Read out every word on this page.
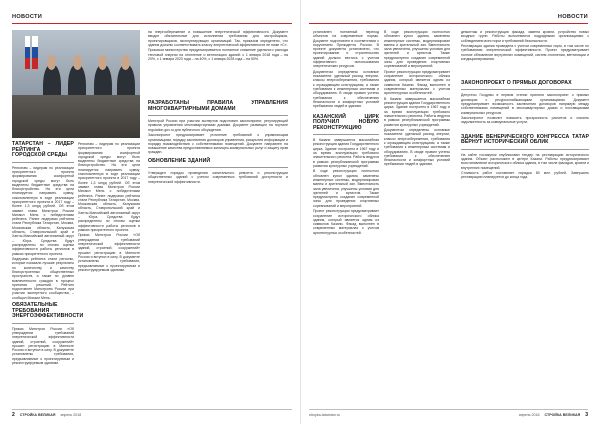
НОВОСТИ
ТАТАРСТАН – ЛИДЕР РЕЙТИНГА ГОРОДСКОЙ СРЕДЫ

Регионам – лидерам по реализации приоритетного проекта формирования комфортной городской среды могут быть выделены бюджетные средства на благоустройство. На эти цели планируется направить сумму, сэкономленную в ходе реализации приоритетного проекта в 2017 году – более 1,3 млрд рублей. Об этом заявил глава Минстроя России Михаил Мень с победителями рейтинга. Ранее лидерами рейтинга стали Республика Татарстан, Москва, Московская область, Калужская область, Ставропольский край и Ханты-Мансийский автономный округ – Югра. Средства будут распределены по итогам оценки эффективности работы регионов в рамках приоритетного проекта.

Лидерами рейтинга стали регионы, которые показали лучшие результаты по количеству и качеству благоустроенных общественных пространств, а также по уровню вовлеченности граждан в процесс принятия решений. Рейтинг подготовлен Минстроем России при участии экспертного сообщества, – сообщил Михаил Мень.

ОБЯЗАТЕЛЬНЫЕ ТРЕБОВАНИЯ ЭНЕРГОЭФФЕКТИВНОСТИ

Приказ Минстроя России «Об утверждении требований энергетической эффективности зданий, строений, сооружений» прошел регистрацию в Минюсте России и вступил в силу. В документе установлены требования, предъявляемые к проектируемым и реконструируемым зданиям.

Регионам – лидерам по реализации приоритетного проекта формирования комфортной городской среды могут быть выделены бюджетные средства на благоустройство. На эти цели планируется направить сумму, сэкономленную в ходе реализации приоритетного проекта в 2017 году – более 1,3 млрд рублей. Об этом заявил глава Минстроя России Михаил Мень с победителями рейтинга. Ранее лидерами рейтинга стали Республика Татарстан, Москва, Московская область, Калужская область, Ставропольский край и Ханты-Мансийский автономный округ – Югра. Средства будут распределены по итогам оценки эффективности работы регионов в рамках приоритетного проекта.

Приказ Минстроя России «Об утверждении требований энергетической эффективности зданий, строений, сооружений» прошел регистрацию в Минюсте России и вступил в силу. В документе установлены требования, предъявляемые к проектируемым и реконструируемым зданиям.

на энергосбережение и повышение энергетической эффективности. Документ вводит обязательные для исполнения требования для застройщиков, проектировщиков, эксплуатирующих организаций. Так, приказом определено, что здания должны соответствовать классу энергетической эффективности не ниже «C».

Приказом министерства предусматривается поэтапное снижение удельного расхода тепловой энергии на отопление и вентиляцию зданий: с 1 января 2018 года – на 20%, с 1 января 2023 года – на 40%, с 1 января 2028 года – на 50%.

РАЗРАБОТАНЫ ПРАВИЛА УПРАВЛЕНИЯ МНОГОКВАРТИРНЫМИ ДОМАМИ

Минстрой России при участии экспертов подготовил законопроект, регулирующий правила управления многоквартирными домами. Документ размещен на портале regulation.gov.ru для публичного обсуждения.

Законопроект предусматривает уточнение требований к управляющим организациям, порядку заключения договоров управления, раскрытия информации и порядку взаимодействия с собственниками помещений. Документ направлен на повышение качества предоставляемых жилищно-коммунальных услуг и защиту прав граждан.

ОБНОВЛЕНИЕ ЗДАНИЙ

Утвержден порядок проведения капитального ремонта и реконструкции общественных зданий с учетом современных требований доступности и энергетической эффективности.

2 СТРОЙКА ВЕЛИКАЯ апрель 2018
НОВОСТИ

установлен поэтапный переход объектов на современные нормы. Документ подготовлен в соответствии с поручением Президента России. В проекте документа установлено, что проектирование и строительство зданий должно вестись с учетом эффективного использования энергетических ресурсов.

Документом определены основные показатели: удельный расход энергии, классы энергосбережения, требования к ограждающим конструкциям, а также требования к инженерным системам и оборудованию. В своде правил учтены требования к обеспечению безопасности и комфортных условий пребывания людей в зданиях.

КАЗАНСКИЙ ЦИРК ПОЛУЧИЛ НОВУЮ РЕКОНСТРУКЦИЮ

В Казани завершается масштабная реконструкция здания Государственного цирка. Здание построено в 1967 году и за время эксплуатации требовало значительного ремонта. Работы ведутся в рамках республиканской программы развития культурных учреждений.

В ходе реконструкции полностью обновлен купол здания, заменены инженерные системы, модернизирован манеж и зрительный зал. Вместимость зала увеличена, улучшены условия для зрителей и артистов. Также предусмотрено создание современной зоны для проведения спортивных соревнований и мероприятий.

Проект реконструкции предусматривает сохранение исторического облика здания, который является одним из символов Казани. Фасад выполнен в современных материалах с учетом архитектурных особенностей.

В ходе реконструкции полностью обновлен купол здания, заменены инженерные системы, модернизирован манеж и зрительный зал. Вместимость зала увеличена, улучшены условия для зрителей и артистов. Также предусмотрено создание современной зоны для проведения спортивных соревнований и мероприятий.

Проект реконструкции предусматривает сохранение исторического облика здания, который является одним из символов Казани. Фасад выполнен в современных материалах с учетом архитектурных особенностей.

В Казани завершается масштабная реконструкция здания Государственного цирка. Здание построено в 1967 году и за время эксплуатации требовало значительного ремонта. Работы ведутся в рамках республиканской программы развития культурных учреждений.

Документом определены основные показатели: удельный расход энергии, классы энергосбережения, требования к ограждающим конструкциям, а также требования к инженерным системам и оборудованию. В своде правил учтены требования к обеспечению безопасности и комфортных условий пребывания людей в зданиях.

демонтаж и реконструкция фасада, замена кровли, устройство новых входных групп. Работы выполняются подрядными организациями с соблюдением всех норм и требований безопасности.

Реставрация здания проведена с учетом современных норм, в том числе по требованиям энергетической эффективности. Проект предусматривает полное обновление внутренних помещений, систем отопления, вентиляции и кондиционирования.

ЗАКОНОПРОЕКТ О ПРЯМЫХ ДОГОВОРАХ

Депутаты Госдумы в первом чтении приняли законопроект о прямых договорах с ресурсоснабжающими организациями. Документ предусматривает возможность заключения договоров напрямую между собственниками помещений в многоквартирных домах и поставщиками коммунальных ресурсов.

Законопроект позволит повысить прозрачность расчетов и снизить задолженность за коммунальные услуги.

ЗДАНИЕ ВЕНЕРИЧЕСКОГО КОНГРЕССА ТАТАР ВЕРНУТ ИСТОРИЧЕСКИЙ ОБЛИК

На сайте госзакупок опубликован тендер на реставрацию исторического здания. Объект расположен в центре Казани. Работы предусматривают восстановление исторического облика здания, в том числе фасадов, кровли и внутренних помещений.

Стоимость работ составляет порядка 80 млн рублей. Завершить реставрацию планируется до конца года.

stroyka-tatarstan.ru	апрель 2018 СТРОЙКА ВЕЛИКАЯ 3
